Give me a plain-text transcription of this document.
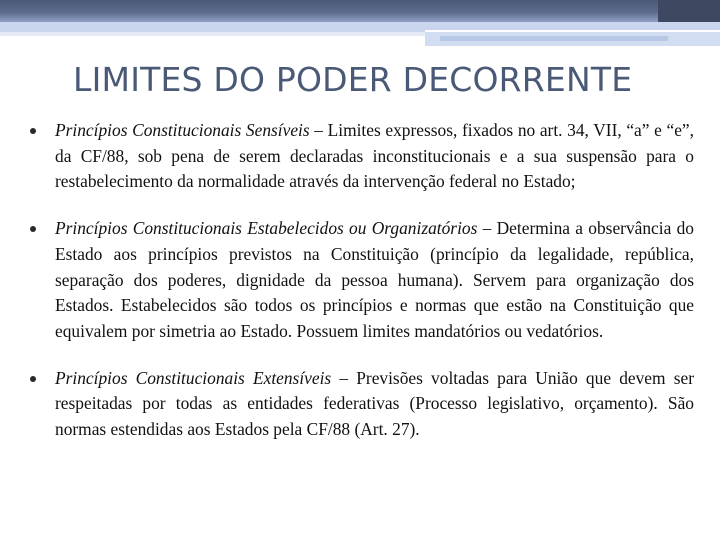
LIMITES DO PODER DECORRENTE
Princípios Constitucionais Sensíveis – Limites expressos, fixados no art. 34, VII, “a” e “e”, da CF/88, sob pena de serem declaradas inconstitucionais e a sua suspensão para o restabelecimento da normalidade através da intervenção federal no Estado;
Princípios Constitucionais Estabelecidos ou Organizatórios – Determina a observância do Estado aos princípios previstos na Constituição (princípio da legalidade, república, separação dos poderes, dignidade da pessoa humana). Servem para organização dos Estados. Estabelecidos são todos os princípios e normas que estão na Constituição que equivalem por simetria ao Estado. Possuem limites mandatórios ou vedatórios.
Princípios Constitucionais Extensíveis – Previsões voltadas para União que devem ser respeitadas por todas as entidades federativas (Processo legislativo, orçamento). São normas estendidas aos Estados pela CF/88 (Art. 27).
